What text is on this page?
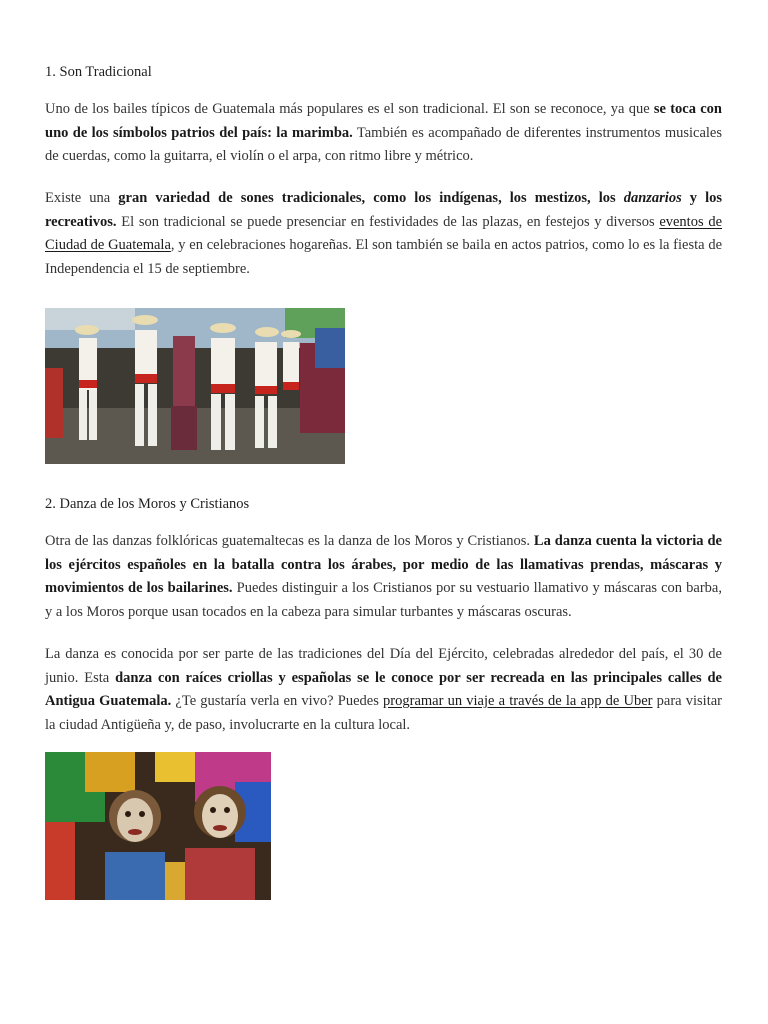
1. Son Tradicional

Uno de los bailes típicos de Guatemala más populares es el son tradicional. El son se reconoce, ya que se toca con uno de los símbolos patrios del país: la marimba. También es acompañado de diferentes instrumentos musicales de cuerdas, como la guitarra, el violín o el arpa, con ritmo libre y métrico.

Existe una gran variedad de sones tradicionales, como los indígenas, los mestizos, los danzarios y los recreativos. El son tradicional se puede presenciar en festividades de las plazas, en festejos y diversos eventos de Ciudad de Guatemala, y en celebraciones hogareñas. El son también se baila en actos patrios, como lo es la fiesta de Independencia el 15 de septiembre.

2. Danza de los Moros y Cristianos

Otra de las danzas folklóricas guatemaltecas es la danza de los Moros y Cristianos. La danza cuenta la victoria de los ejércitos españoles en la batalla contra los árabes, por medio de las llamativas prendas, máscaras y movimientos de los bailarines. Puedes distinguir a los Cristianos por su vestuario llamativo y máscaras con barba, y a los Moros porque usan tocados en la cabeza para simular turbantes y máscaras oscuras.

La danza es conocida por ser parte de las tradiciones del Día del Ejército, celebradas alrededor del país, el 30 de junio. Esta danza con raíces criollas y españolas se le conoce por ser recreada en las principales calles de Antigua Guatemala. ¿Te gustaría verla en vivo? Puedes programar un viaje a través de la app de Uber para visitar la ciudad Antigüeña y, de paso, involucrarte en la cultura local.
